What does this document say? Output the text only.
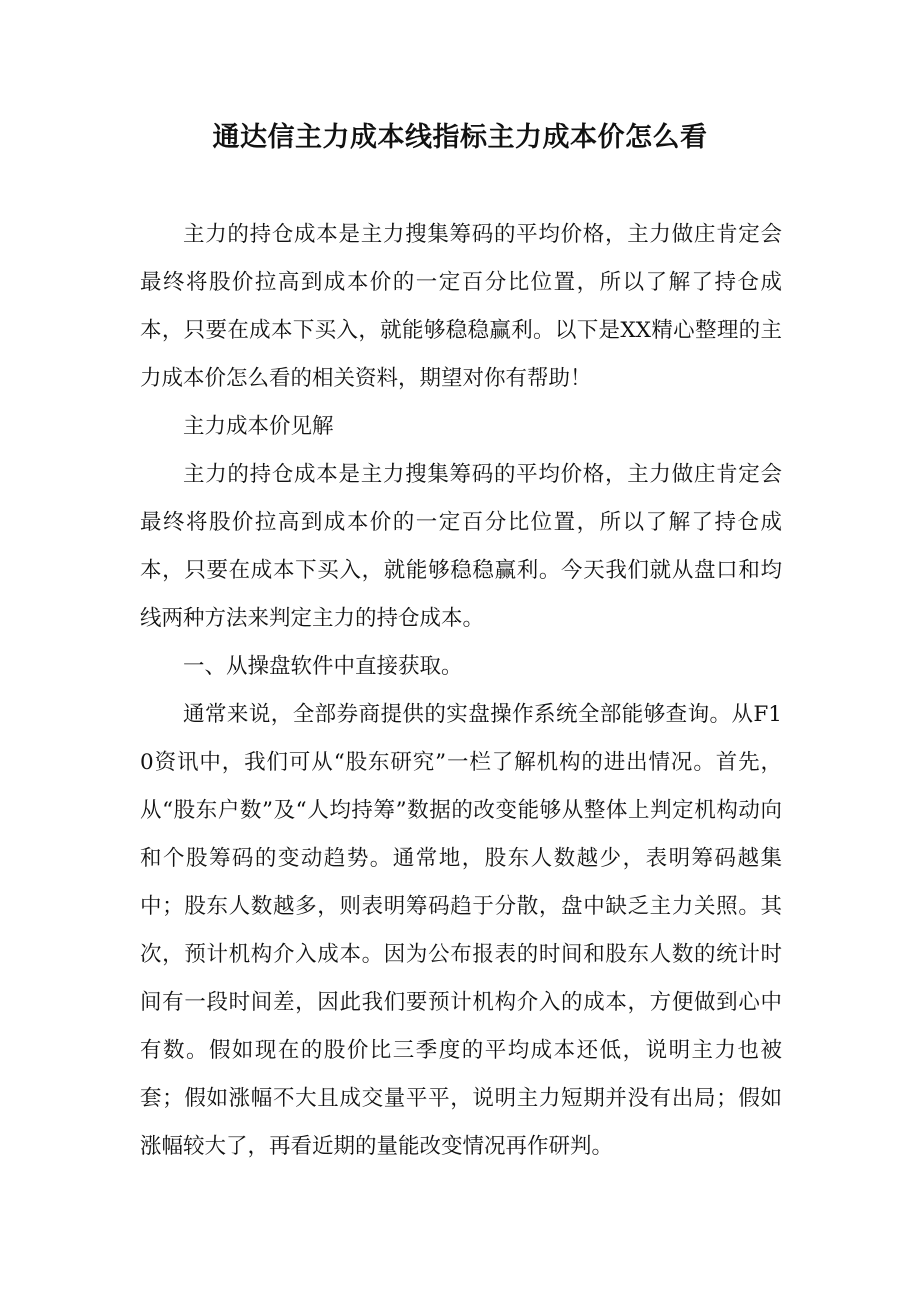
通达信主力成本线指标主力成本价怎么看

主力的持仓成本是主力搜集筹码的平均价格，主力做庄肯定会最终将股价拉高到成本价的一定百分比位置，所以了解了持仓成本，只要在成本下买入，就能够稳稳赢利。以下是XX精心整理的主力成本价怎么看的相关资料，期望对你有帮助！

主力成本价见解

主力的持仓成本是主力搜集筹码的平均价格，主力做庄肯定会最终将股价拉高到成本价的一定百分比位置，所以了解了持仓成本，只要在成本下买入，就能够稳稳赢利。今天我们就从盘口和均线两种方法来判定主力的持仓成本。

一、从操盘软件中直接获取。

通常来说，全部券商提供的实盘操作系统全部能够查询。从F10资讯中，我们可从“股东研究”一栏了解机构的进出情况。首先，从“股东户数”及“人均持筹”数据的改变能够从整体上判定机构动向和个股筹码的变动趋势。通常地，股东人数越少，表明筹码越集中；股东人数越多，则表明筹码趋于分散，盘中缺乏主力关照。其次，预计机构介入成本。因为公布报表的时间和股东人数的统计时间有一段时间差，因此我们要预计机构介入的成本，方便做到心中有数。假如现在的股价比三季度的平均成本还低，说明主力也被套；假如涨幅不大且成交量平平，说明主力短期并没有出局；假如涨幅较大了，再看近期的量能改变情况再作研判。
